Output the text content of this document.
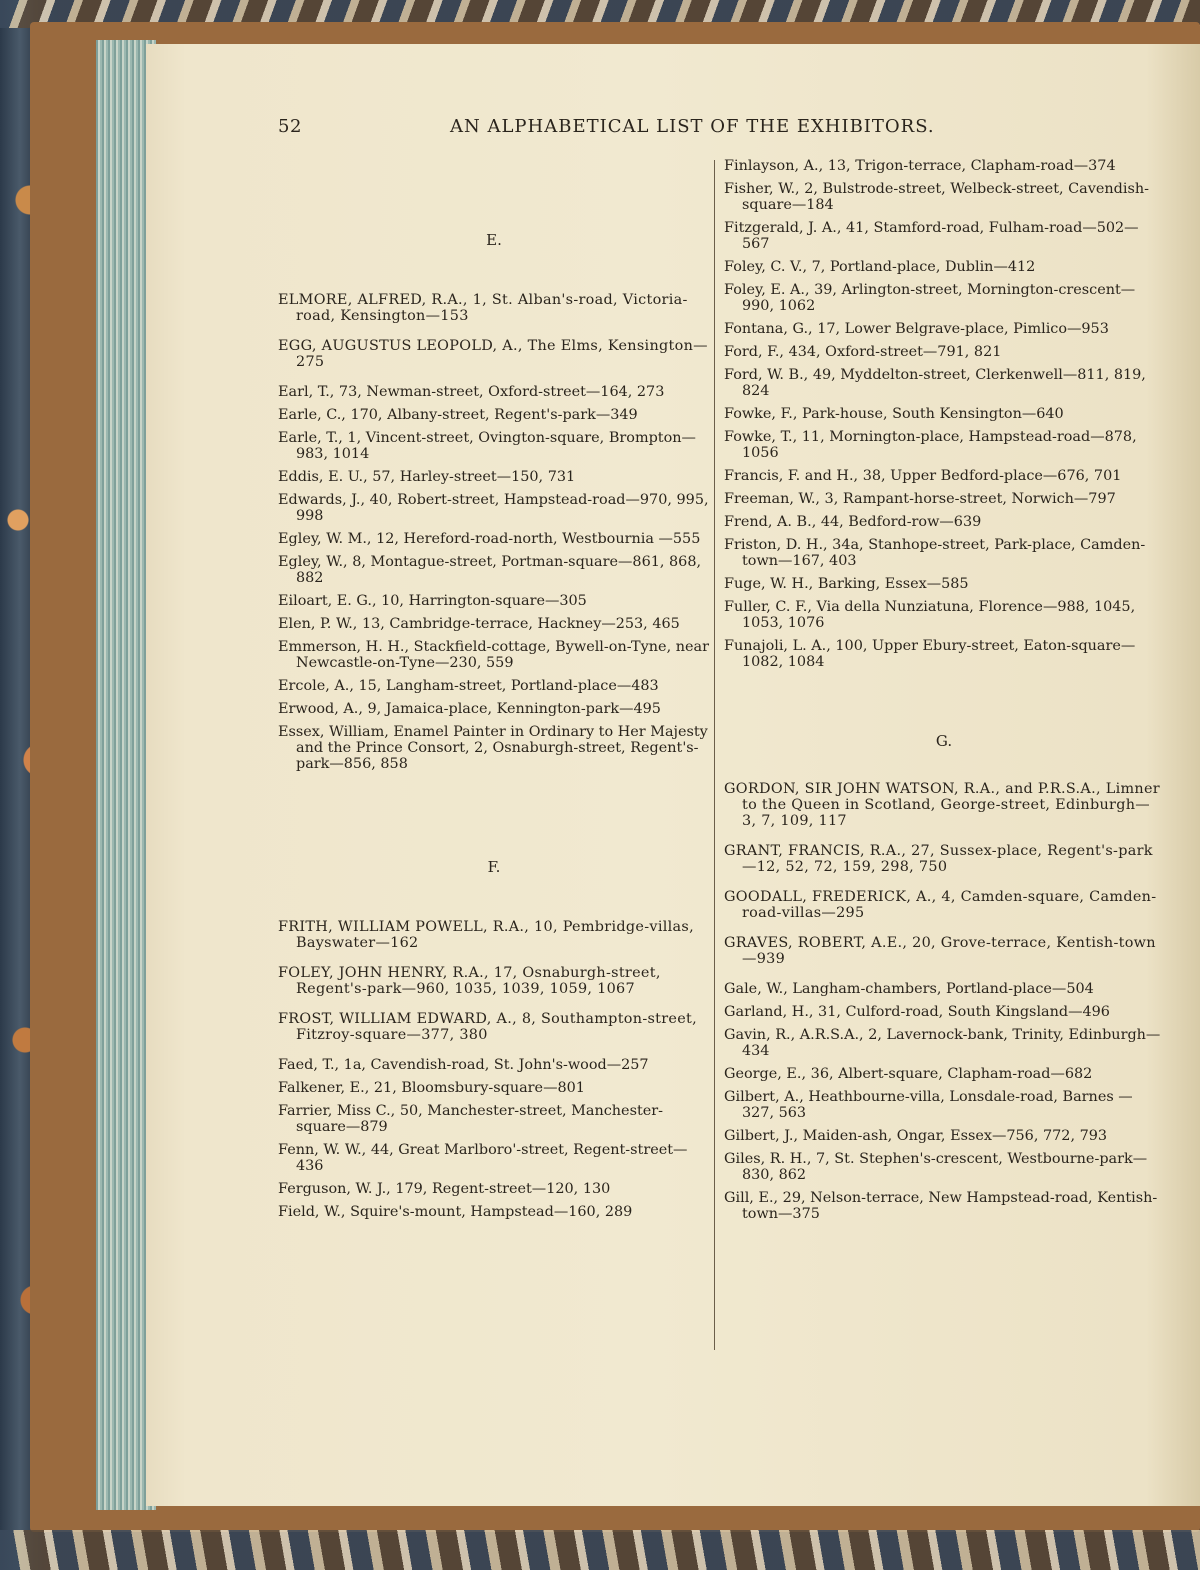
52	AN ALPHABETICAL LIST OF THE EXHIBITORS.

E.

ELMORE, ALFRED, R.A., 1, St. Alban's-road, Victoria-road, Kensington—153

EGG, AUGUSTUS LEOPOLD, A., The Elms, Kensington—275

Earl, T., 73, Newman-street, Oxford-street—164, 273

Earle, C., 170, Albany-street, Regent's-park—349

Earle, T., 1, Vincent-street, Ovington-square, Brompton—983, 1014

Eddis, E. U., 57, Harley-street—150, 731

Edwards, J., 40, Robert-street, Hampstead-road—970, 995, 998

Egley, W. M., 12, Hereford-road-north, Westbournia —555

Egley, W., 8, Montague-street, Portman-square—861, 868, 882

Eiloart, E. G., 10, Harrington-square—305

Elen, P. W., 13, Cambridge-terrace, Hackney—253, 465

Emmerson, H. H., Stackfield-cottage, Bywell-on-Tyne, near Newcastle-on-Tyne—230, 559

Ercole, A., 15, Langham-street, Portland-place—483

Erwood, A., 9, Jamaica-place, Kennington-park—495

Essex, William, Enamel Painter in Ordinary to Her Majesty and the Prince Consort, 2, Osnaburgh-street, Regent's-park—856, 858

F.

FRITH, WILLIAM POWELL, R.A., 10, Pembridge-villas, Bayswater—162

FOLEY, JOHN HENRY, R.A., 17, Osnaburgh-street, Regent's-park—960, 1035, 1039, 1059, 1067

FROST, WILLIAM EDWARD, A., 8, Southampton-street, Fitzroy-square—377, 380

Faed, T., 1a, Cavendish-road, St. John's-wood—257

Falkener, E., 21, Bloomsbury-square—801

Farrier, Miss C., 50, Manchester-street, Manchester-square—879

Fenn, W. W., 44, Great Marlboro'-street, Regent-street—436

Ferguson, W. J., 179, Regent-street—120, 130

Field, W., Squire's-mount, Hampstead—160, 289

Finlayson, A., 13, Trigon-terrace, Clapham-road—374

Fisher, W., 2, Bulstrode-street, Welbeck-street, Cavendish-square—184

Fitzgerald, J. A., 41, Stamford-road, Fulham-road—502—567

Foley, C. V., 7, Portland-place, Dublin—412

Foley, E. A., 39, Arlington-street, Mornington-crescent—990, 1062

Fontana, G., 17, Lower Belgrave-place, Pimlico—953

Ford, F., 434, Oxford-street—791, 821

Ford, W. B., 49, Myddelton-street, Clerkenwell—811, 819, 824

Fowke, F., Park-house, South Kensington—640

Fowke, T., 11, Mornington-place, Hampstead-road—878, 1056

Francis, F. and H., 38, Upper Bedford-place—676, 701

Freeman, W., 3, Rampant-horse-street, Norwich—797

Frend, A. B., 44, Bedford-row—639

Friston, D. H., 34a, Stanhope-street, Park-place, Camden-town—167, 403

Fuge, W. H., Barking, Essex—585

Fuller, C. F., Via della Nunziatuna, Florence—988, 1045, 1053, 1076

Funajoli, L. A., 100, Upper Ebury-street, Eaton-square—1082, 1084

G.

GORDON, SIR JOHN WATSON, R.A., and P.R.S.A., Limner to the Queen in Scotland, George-street, Edinburgh—3, 7, 109, 117

GRANT, FRANCIS, R.A., 27, Sussex-place, Regent's-park—12, 52, 72, 159, 298, 750

GOODALL, FREDERICK, A., 4, Camden-square, Camden-road-villas—295

GRAVES, ROBERT, A.E., 20, Grove-terrace, Kentish-town—939

Gale, W., Langham-chambers, Portland-place—504

Garland, H., 31, Culford-road, South Kingsland—496

Gavin, R., A.R.S.A., 2, Lavernock-bank, Trinity, Edinburgh—434

George, E., 36, Albert-square, Clapham-road—682

Gilbert, A., Heathbourne-villa, Lonsdale-road, Barnes —327, 563

Gilbert, J., Maiden-ash, Ongar, Essex—756, 772, 793

Giles, R. H., 7, St. Stephen's-crescent, Westbourne-park—830, 862

Gill, E., 29, Nelson-terrace, New Hampstead-road, Kentish-town—375
